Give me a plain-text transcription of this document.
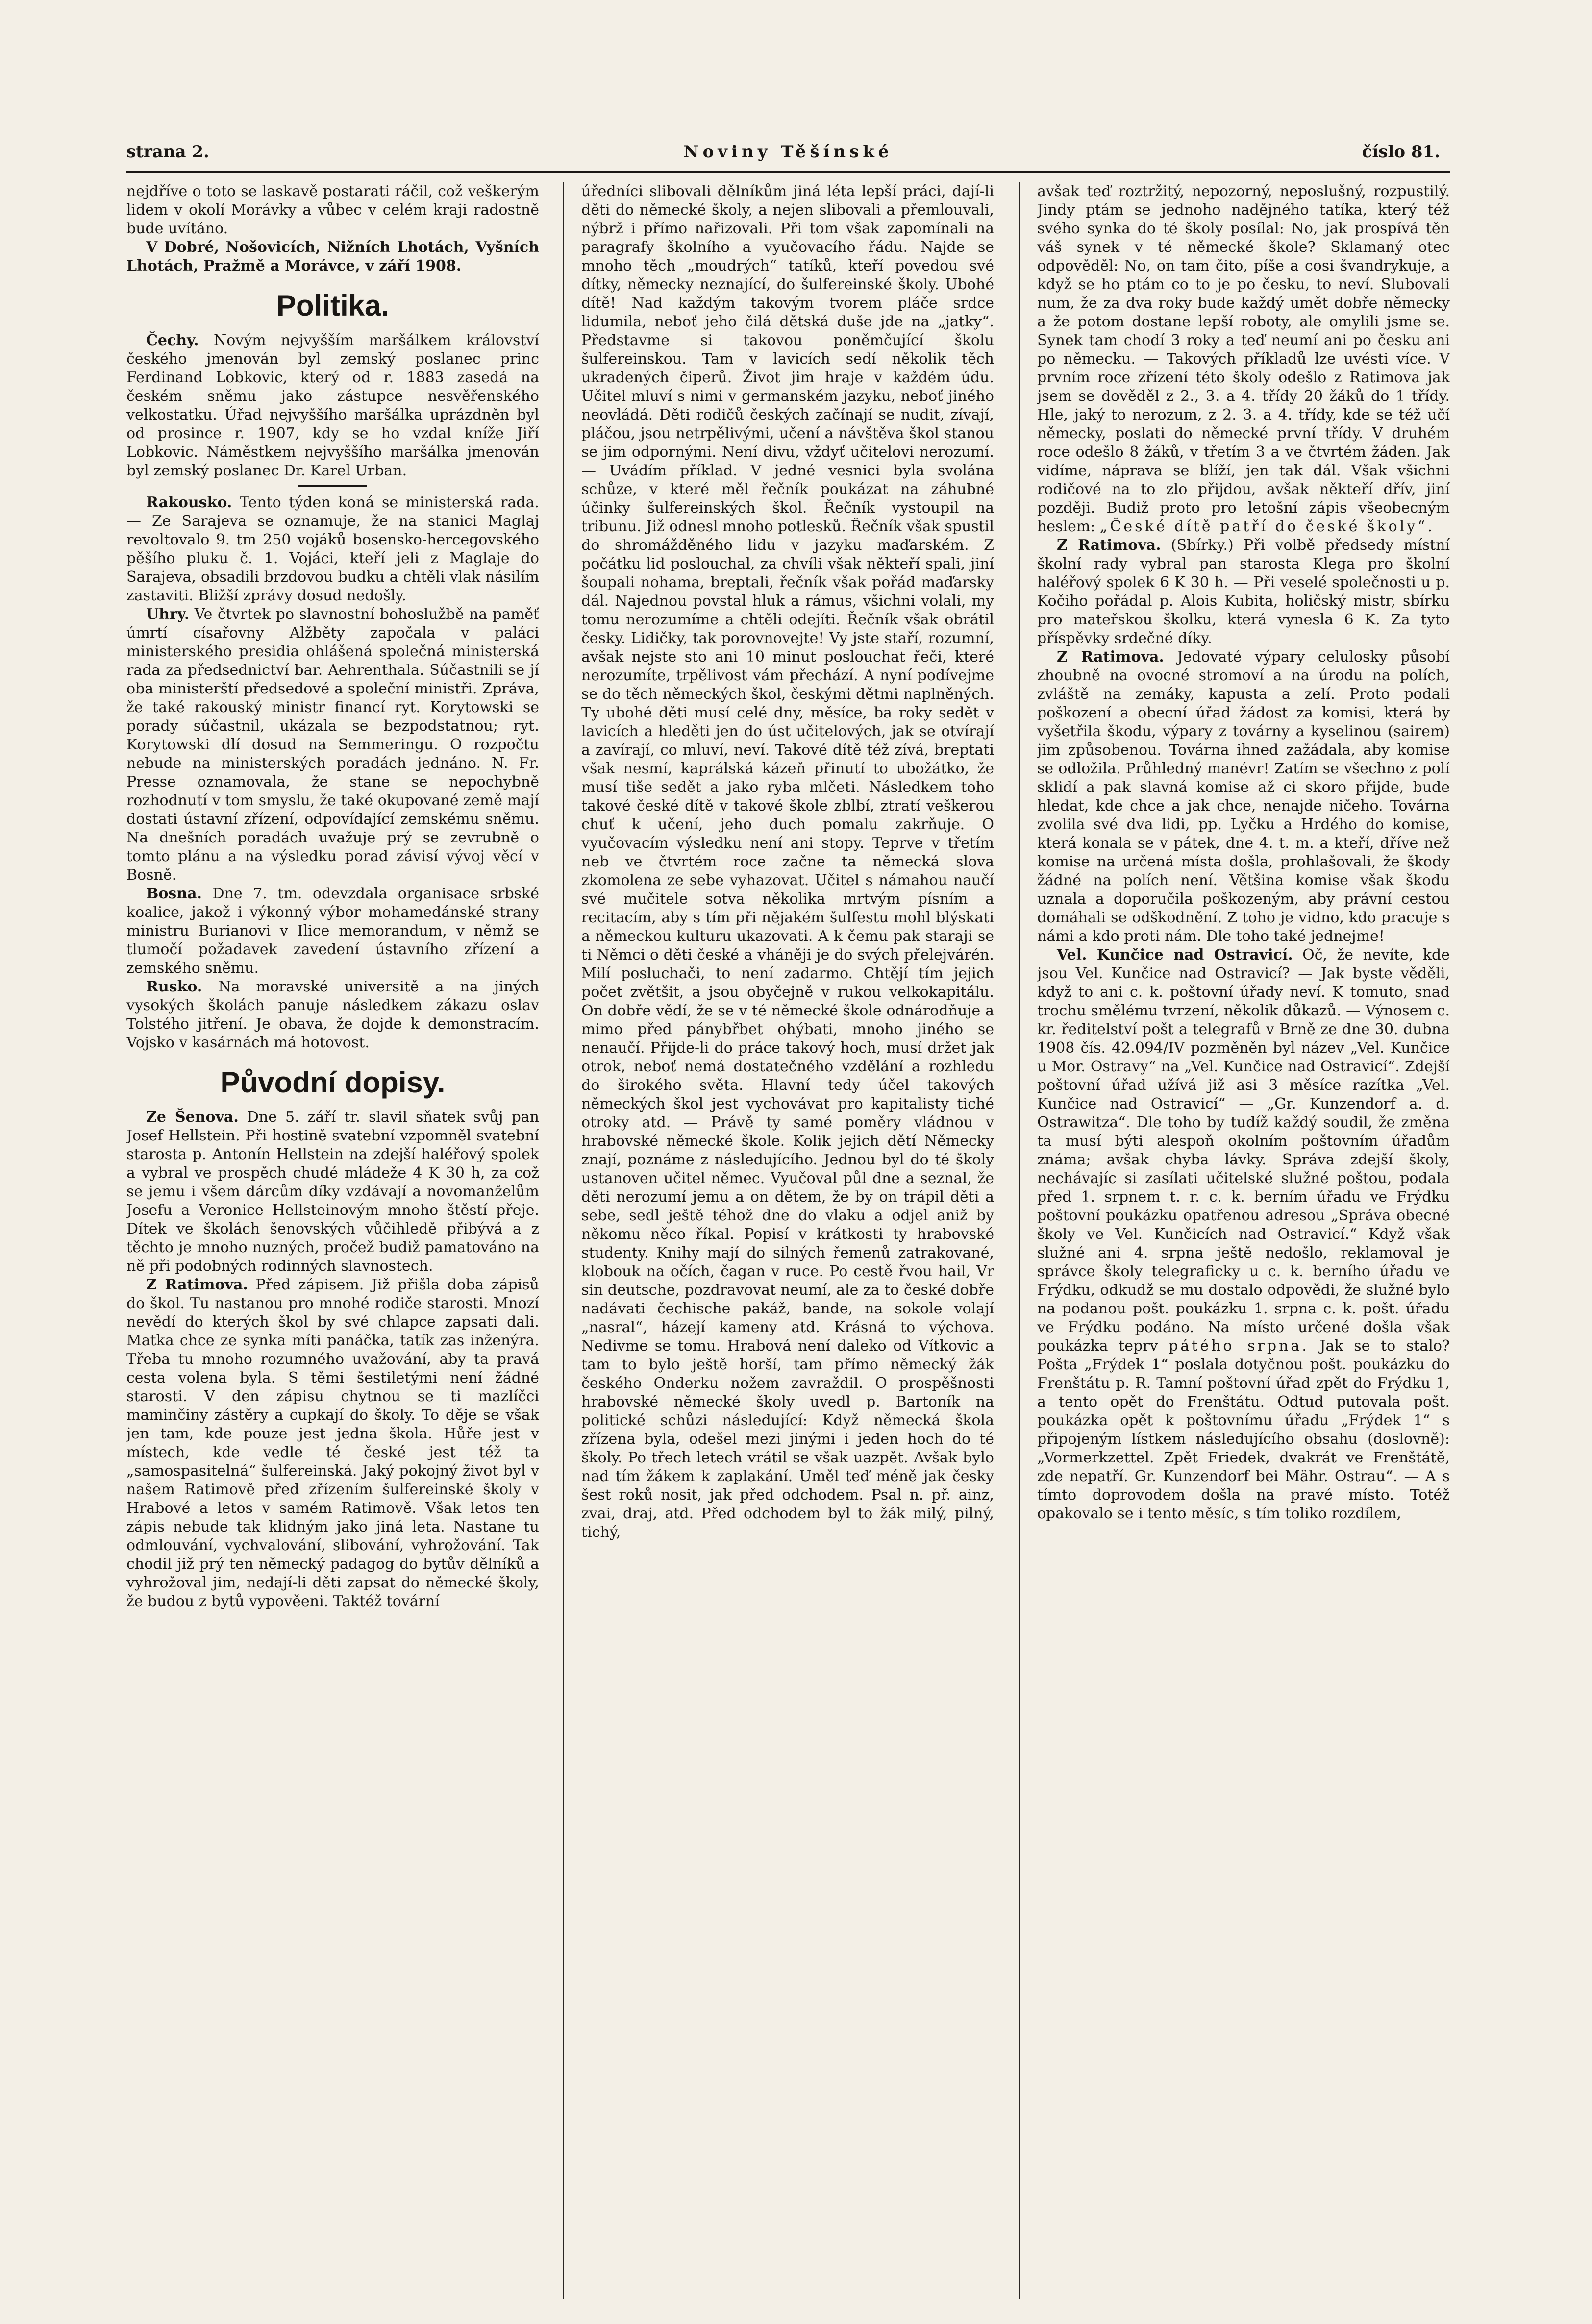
strana 2.	Noviny Těšínské	číslo 81.

nejdříve o toto se laskavě postarati ráčil, což veškerým lidem v okolí Morávky a vůbec v celém kraji radostně bude uvítáno.

V Dobré, Nošovicích, Nižních Lhotách, Vyšních Lhotách, Pražmě a Morávce, v září 1908.

Politika.

Čechy. Novým nejvyšším maršálkem království českého jmenován byl zemský poslanec princ Ferdinand Lobkovic, který od r. 1883 zasedá na českém sněmu jako zástupce nesvěřenského velkostatku. Úřad nejvyššího maršálka uprázdněn byl od prosince r. 1907, kdy se ho vzdal kníže Jiří Lobkovic. Náměstkem nejvyššího maršálka jmenován byl zemský poslanec Dr. Karel Urban.

Rakousko. Tento týden koná se ministerská rada. — Ze Sarajeva se oznamuje, že na stanici Maglaj revoltovalo 9. tm 250 vojáků bosensko-hercegovského pěšího pluku č. 1. Vojáci, kteří jeli z Maglaje do Sarajeva, obsadili brzdovou budku a chtěli vlak násilím zastaviti. Bližší zprávy dosud nedošly.

Uhry. Ve čtvrtek po slavnostní bohoslužbě na paměť úmrtí císařovny Alžběty započala v paláci ministerského presidia ohlášená společná ministerská rada za předsednictví bar. Aehrenthala. Súčastnili se jí oba ministerští předsedové a společní ministři. Zpráva, že také rakouský ministr financí ryt. Korytowski se porady súčastnil, ukázala se bezpodstatnou; ryt. Korytowski dlí dosud na Semmeringu. O rozpočtu nebude na ministerských poradách jednáno. N. Fr. Presse oznamovala, že stane se nepochybně rozhodnutí v tom smyslu, že také okupované země mají dostati ústavní zřízení, odpovídající zemskému sněmu. Na dnešních poradách uvažuje prý se zevrubně o tomto plánu a na výsledku porad závisí vývoj věcí v Bosně.

Bosna. Dne 7. tm. odevzdala organisace srbské koalice, jakož i výkonný výbor mohamedánské strany ministru Burianovi v Ilice memorandum, v němž se tlumočí požadavek zavedení ústavního zřízení a zemského sněmu.

Rusko. Na moravské universitě a na jiných vysokých školách panuje následkem zákazu oslav Tolstého jitření. Je obava, že dojde k demonstracím. Vojsko v kasárnách má hotovost.

Původní dopisy.

Ze Šenova. Dne 5. září tr. slavil sňatek svůj pan Josef Hellstein. Při hostině svatební vzpomněl svatební starosta p. Antonín Hellstein na zdejší haléřový spolek a vybral ve prospěch chudé mládeže 4 K 30 h, za což se jemu i všem dárcům díky vzdávají a novomanželům Josefu a Veronice Hellsteinovým mnoho štěstí přeje. Dítek ve školách šenovských vůčihledě přibývá a z těchto je mnoho nuzných, pročež budiž pamatováno na ně při podobných rodinných slavnostech.

Z Ratimova. Před zápisem. Již přišla doba zápisů do škol. Tu nastanou pro mnohé rodiče starosti. Mnozí nevědí do kterých škol by své chlapce zapsati dali. Matka chce ze synka míti panáčka, tatík zas inženýra. Třeba tu mnoho rozumného uvažování, aby ta pravá cesta volena byla. S těmi šestiletými není žádné starosti. V den zápisu chytnou se ti mazlíčci maminčiny zástěry a cupkají do školy. To děje se však jen tam, kde pouze jest jedna škola. Hůře jest v místech, kde vedle té české jest též ta „samospasitelná“ šulfereinská. Jaký pokojný život byl v našem Ratimově před zřízením šulfereinské školy v Hrabové a letos v samém Ratimově. Však letos ten zápis nebude tak klidným jako jiná leta. Nastane tu odmlouvání, vychvalování, slibování, vyhrožování. Tak chodil již prý ten německý padagog do bytův dělníků a vyhrožoval jim, nedají-li děti zapsat do německé školy, že budou z bytů vypověeni. Taktéž tovární

úředníci slibovali dělníkům jiná léta lepší práci, dají-li děti do německé školy, a nejen slibovali a přemlouvali, nýbrž i přímo nařizovali. Při tom však zapomínali na paragrafy školního a vyučovacího řádu. Najde se mnoho těch „moudrých“ tatíků, kteří povedou své dítky, německy neznající, do šulfereinské školy. Ubohé dítě! Nad každým takovým tvorem pláče srdce lidumila, neboť jeho čilá dětská duše jde na „jatky“. Představme si takovou poněmčující školu šulfereinskou. Tam v lavicích sedí několik těch ukradených čiperů. Život jim hraje v každém údu. Učitel mluví s nimi v germanském jazyku, neboť jiného neovládá. Děti rodičů českých začínají se nudit, zívají, pláčou, jsou netrpělivými, učení a návštěva škol stanou se jim odpornými. Není divu, vždyť učitelovi nerozumí. — Uvádím příklad. V jedné vesnici byla svolána schůze, v které měl řečník poukázat na záhubné účinky šulfereinských škol. Řečník vystoupil na tribunu. Již odnesl mnoho potlesků. Řečník však spustil do shromážděného lidu v jazyku maďarském. Z počátku lid poslouchal, za chvíli však někteří spali, jiní šoupali nohama, breptali, řečník však pořád maďarsky dál. Najednou povstal hluk a rámus, všichni volali, my tomu nerozumíme a chtěli odejíti. Řečník však obrátil česky. Lidičky, tak porovnovejte! Vy jste staří, rozumní, avšak nejste sto ani 10 minut poslouchat řeči, které nerozumíte, trpělivost vám přechází. A nyní podívejme se do těch německých škol, českými dětmi naplněných. Ty ubohé děti musí celé dny, měsíce, ba roky sedět v lavicích a hleděti jen do úst učitelových, jak se otvírají a zavírají, co mluví, neví. Takové dítě též zívá, breptati však nesmí, kaprálská kázeň přinutí to ubožátko, že musí tiše sedět a jako ryba mlčeti. Následkem toho takové české dítě v takové škole zblbí, ztratí veškerou chuť k učení, jeho duch pomalu zakrňuje. O vyučovacím výsledku není ani stopy. Teprve v třetím neb ve čtvrtém roce začne ta německá slova zkomolena ze sebe vyhazovat. Učitel s námahou naučí své mučitele sotva několika mrtvým písním a recitacím, aby s tím při nějakém šulfestu mohl blýskati a německou kulturu ukazovati. A k čemu pak staraji se ti Němci o děti české a vháněji je do svých přelejvárén. Milí posluchači, to není zadarmo. Chtějí tím jejich počet zvětšit, a jsou obyčejně v rukou velkokapitálu. On dobře vědí, že se v té německé škole odnárodňuje a mimo před pánybřbet ohýbati, mnoho jiného se nenaučí. Přijde-li do práce takový hoch, musí držet jak otrok, neboť nemá dostatečného vzdělání a rozhledu do širokého světa. Hlavní tedy účel takových německých škol jest vychovávat pro kapitalisty tiché otroky atd. — Právě ty samé poměry vládnou v hrabovské německé škole. Kolik jejich dětí Německy znají, poznáme z následujícího. Jednou byl do té školy ustanoven učitel němec. Vyučoval půl dne a seznal, že děti nerozumí jemu a on dětem, že by on trápil děti a sebe, sedl ještě téhož dne do vlaku a odjel aniž by někomu něco říkal. Popisí v krátkosti ty hrabovské studenty. Knihy mají do silných řemenů zatrakované, klobouk na očích, čagan v ruce. Po cestě řvou hail, Vr sin deutsche, pozdravovat neumí, ale za to české dobře nadávati čechische pakáž, bande, na sokole volají „nasral“, házejí kameny atd. Krásná to výchova. Nedivme se tomu. Hrabová není daleko od Vítkovic a tam to bylo ještě horší, tam přímo německý žák českého Onderku nožem zavraždil. O prospěšnosti hrabovské německé školy uvedl p. Bartoník na politické schůzi následující: Když německá škola zřízena byla, odešel mezi jinými i jeden hoch do té školy. Po třech letech vrátil se však uazpět. Avšak bylo nad tím žákem k zaplakání. Uměl teď méně jak česky šest roků nosit, jak před odchodem. Psal n. př. ainz, zvai, draj, atd. Před odchodem byl to žák milý, pilný, tichý,

avšak teď roztržitý, nepozorný, neposlušný, rozpustilý. Jindy ptám se jednoho nadějného tatíka, který též svého synka do té školy posílal: No, jak prospívá těn váš synek v té německé škole? Sklamaný otec odpověděl: No, on tam čito, píše a cosi švandrykuje, a když se ho ptám co to je po česku, to neví. Slubovali num, že za dva roky bude každý umět dobře německy a že potom dostane lepší roboty, ale omylili jsme se. Synek tam chodí 3 roky a teď neumí ani po česku ani po německu. — Takových příkladů lze uvésti více. V prvním roce zřízení této školy odešlo z Ratimova jak jsem se dověděl z 2., 3. a 4. třídy 20 žáků do 1 třídy. Hle, jaký to nerozum, z 2. 3. a 4. třídy, kde se též učí německy, poslati do německé první třídy. V druhém roce odešlo 8 žáků, v třetím 3 a ve čtvrtém žáden. Jak vidíme, náprava se blíží, jen tak dál. Však všichni rodičové na to zlo přijdou, avšak někteří dřív, jiní později. Budiž proto pro letošní zápis všeobecným heslem: „České dítě patří do české školy“.

Z Ratimova. (Sbírky.) Při volbě předsedy místní školní rady vybral pan starosta Klega pro školní haléřový spolek 6 K 30 h. — Při veselé společnosti u p. Kočiho pořádal p. Alois Kubita, holičský mistr, sbírku pro mateřskou školku, která vynesla 6 K. Za tyto příspěvky srdečné díky.

Z Ratimova. Jedovaté výpary celulosky působí zhoubně na ovocné stromoví a na úrodu na polích, zvláště na zemáky, kapusta a zelí. Proto podali poškození a obecní úřad žádost za komisi, která by vyšetřila škodu, výpary z továrny a kyselinou (sairem) jim způsobenou. Továrna ihned zažádala, aby komise se odložila. Průhledný manévr! Zatím se všechno z polí sklidí a pak slavná komise až ci skoro přijde, bude hledat, kde chce a jak chce, nenajde ničeho. Továrna zvolila své dva lidi, pp. Lyčku a Hrdého do komise, která konala se v pátek, dne 4. t. m. a kteří, dříve než komise na určená místa došla, prohlašovali, že škody žádné na polích není. Většina komise však škodu uznala a doporučila poškozeným, aby právní cestou domáhali se odškodnění. Z toho je vidno, kdo pracuje s námi a kdo proti nám. Dle toho také jednejme!

Vel. Kunčice nad Ostravicí. Oč, že nevíte, kde jsou Vel. Kunčice nad Ostravicí? — Jak byste věděli, když to ani c. k. poštovní úřady neví. K tomuto, snad trochu smělému tvrzení, několik důkazů. — Výnosem c. kr. ředitelství pošt a telegrafů v Brně ze dne 30. dubna 1908 čís. 42.094/IV pozměněn byl název „Vel. Kunčice u Mor. Ostravy“ na „Vel. Kunčice nad Ostravicí“. Zdejší poštovní úřad užívá již asi 3 měsíce razítka „Vel. Kunčice nad Ostravicí“ — „Gr. Kunzendorf a. d. Ostrawitza“. Dle toho by tudíž každý soudil, že změna ta musí býti alespoň okolním poštovním úřadům známa; avšak chyba lávky. Správa zdejší školy, nechávajíc si zasílati učitelské služné poštou, podala před 1. srpnem t. r. c. k. berním úřadu ve Frýdku poštovní poukázku opatřenou adresou „Správa obecné školy ve Vel. Kunčicích nad Ostravicí.“ Když však služné ani 4. srpna ještě nedošlo, reklamoval je správce školy telegraficky u c. k. berního úřadu ve Frýdku, odkudž se mu dostalo odpovědi, že služné bylo na podanou pošt. poukázku 1. srpna c. k. pošt. úřadu ve Frýdku podáno. Na místo určené došla však poukázka teprv pátého srpna. Jak se to stalo? Pošta „Frýdek 1“ poslala dotyčnou pošt. poukázku do Frenštátu p. R. Tamní poštovní úřad zpět do Frýdku 1, a tento opět do Frenštátu. Odtud putovala pošt. poukázka opět k poštovnímu úřadu „Frýdek 1“ s připojeným lístkem následujícího obsahu (doslovně): „Vormerkzettel. Zpět Friedek, dvakrát ve Frenštátě, zde nepatří. Gr. Kunzendorf bei Mähr. Ostrau“. — A s tímto doprovodem došla na pravé místo. Totéž opakovalo se i tento měsíc, s tím toliko rozdílem,
